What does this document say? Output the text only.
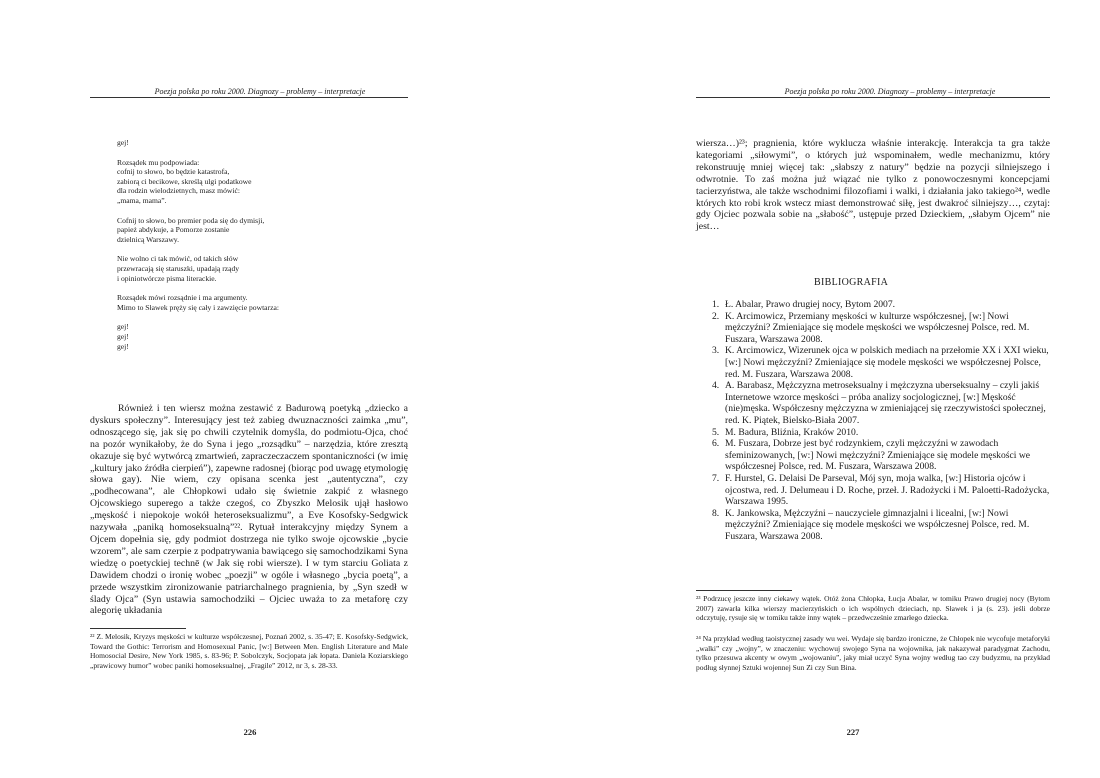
Poezja polska po roku 2000. Diagnozy – problemy – interpretacje

gej!

Rozsądek mu podpowiada:
cofnij to słowo, bo będzie katastrofa,
zabiorą ci becikowe, skreślą ulgi podatkowe
dla rodzin wielodzietnych, masz mówić:
„mama, mama”.

Cofnij to słowo, bo premier poda się do dymisji,
papież abdykuje, a Pomorze zostanie
dzielnicą Warszawy.

Nie wolno ci tak mówić, od takich słów
przewracają się staruszki, upadają rządy
i opiniotwórcze pisma literackie.

Rozsądek mówi rozsądnie i ma argumenty.
Mimo to Sławek pręży się cały i zawzięcie powtarza:

gej!
gej!
gej!

Również i ten wiersz można zestawić z Badurową poetyką „dziecko a dyskurs społeczny”. Interesujący jest też zabieg dwuznaczności zaimka „mu”, odnoszącego się, jak się po chwili czytelnik domyśla, do podmiotu-Ojca, choć na pozór wynikałoby, że do Syna i jego „rozsądku” – narzędzia, które zresztą okazuje się być wytwórcą zmartwień, zapraczeczaczem spontaniczności (w imię „kultury jako źródła cierpień”), zapewne radosnej (biorąc pod uwagę etymologię słowa gay). Nie wiem, czy opisana scenka jest „autentyczna”, czy „podhecowana”, ale Chłopkowi udało się świetnie zakpić z własnego Ojcowskiego superego a także czegoś, co Zbyszko Melosik ujął hasłowo „męskość i niepokoje wokół heteroseksualizmu”, a Eve Kosofsky-Sedgwick nazywała „paniką homoseksualną”²². Rytuał interakcyjny między Synem a Ojcem dopełnia się, gdy podmiot dostrzega nie tylko swoje ojcowskie „bycie wzorem”, ale sam czerpie z podpatrywania bawiącego się samochodzikami Syna wiedzę o poetyckiej technē (w Jak się robi wiersze). I w tym starciu Goliata z Dawidem chodzi o ironię wobec „poezji” w ogóle i własnego „bycia poetą”, a przede wszystkim zironizowanie patriarchalnego pragnienia, by „Syn szedł w ślady Ojca” (Syn ustawia samochodziki – Ojciec uważa to za metaforę czy alegorię układania

²² Z. Melosik, Kryzys męskości w kulturze współczesnej, Poznań 2002, s. 35-47; E. Kosofsky-Sedgwick, Toward the Gothic: Terrorism and Homosexual Panic, [w:] Between Men. English Literature and Male Homosocial Desire, New York 1985, s. 83-96; P. Sobolczyk, Socjopata jak łopata. Daniela Koziarskiego „prawicowy humor” wobec paniki homoseksualnej, „Fragile” 2012, nr 3, s. 28-33.

226
Poezja polska po roku 2000. Diagnozy – problemy – interpretacje

wiersza…)²³; pragnienia, które wyklucza właśnie interakcję. Interakcja ta gra także kategoriami „siłowymi”, o których już wspominałem, wedle mechanizmu, który rekonstruuję mniej więcej tak: „słabszy z natury” będzie na pozycji silniejszego i odwrotnie. To zaś można już wiązać nie tylko z ponowoczesnymi koncepcjami tacierzyństwa, ale także wschodnimi filozofiami i walki, i działania jako takiego²⁴, wedle których kto robi krok wstecz miast demonstrować siłę, jest dwakroć silniejszy…, czytaj: gdy Ojciec pozwala sobie na „słabość”, ustępuje przed Dzieckiem, „słabym Ojcem” nie jest…

BIBLIOGRAFIA
1. Ł. Abalar, Prawo drugiej nocy, Bytom 2007.
2. K. Arcimowicz, Przemiany męskości w kulturze współczesnej, [w:] Nowi mężczyźni? Zmieniające się modele męskości we współczesnej Polsce, red. M. Fuszara, Warszawa 2008.
3. K. Arcimowicz, Wizerunek ojca w polskich mediach na przełomie XX i XXI wieku, [w:] Nowi mężczyźni? Zmieniające się modele męskości we współczesnej Polsce, red. M. Fuszara, Warszawa 2008.
4. A. Barabasz, Mężczyzna metroseksualny i mężczyzna uberseksualny – czyli jakiś Internetowe wzorce męskości – próba analizy socjologicznej, [w:] Męskość (nie)męska. Współczesny mężczyzna w zmieniającej się rzeczywistości społecznej, red. K. Piątek, Bielsko-Biała 2007.
5. M. Badura, Bliźnia, Kraków 2010.
6. M. Fuszara, Dobrze jest być rodzynkiem, czyli mężczyźni w zawodach sfeminizowanych, [w:] Nowi mężczyźni? Zmieniające się modele męskości we współczesnej Polsce, red. M. Fuszara, Warszawa 2008.
7. F. Hurstel, G. Delaisi De Parseval, Mój syn, moja walka, [w:] Historia ojców i ojcostwa, red. J. Delumeau i D. Roche, przeł. J. Radożycki i M. Paloetti-Radożycka, Warszawa 1995.
8. K. Jankowska, Mężczyźni – nauczyciele gimnazjalni i licealni, [w:] Nowi mężczyźni? Zmieniające się modele męskości we współczesnej Polsce, red. M. Fuszara, Warszawa 2008.

²³ Podrzucę jeszcze inny ciekawy wątek. Otóż żona Chłopka, Łucja Abalar, w tomiku Prawo drugiej nocy (Bytom 2007) zawarła kilka wierszy macierzyńskich o ich wspólnych dzieciach, np. Sławek i ja (s. 23). jeśli dobrze odczytuję, rysuje się w tomiku także inny wątek – przedwcześnie zmarłego dziecka.

²⁴ Na przykład według taoistycznej zasady wu wei. Wydaje się bardzo ironiczne, że Chłopek nie wycofuje metaforyki „walki” czy „wojny”, w znaczeniu: wychowuj swojego Syna na wojownika, jak nakazywał paradygmat Zachodu, tylko przesuwa akcenty w owym „wojowaniu”, jaky miał uczyć Syna wojny według tao czy budyzmu, na przykład podług słynnej Sztuki wojennej Sun Zi czy Sun Bina.

227
